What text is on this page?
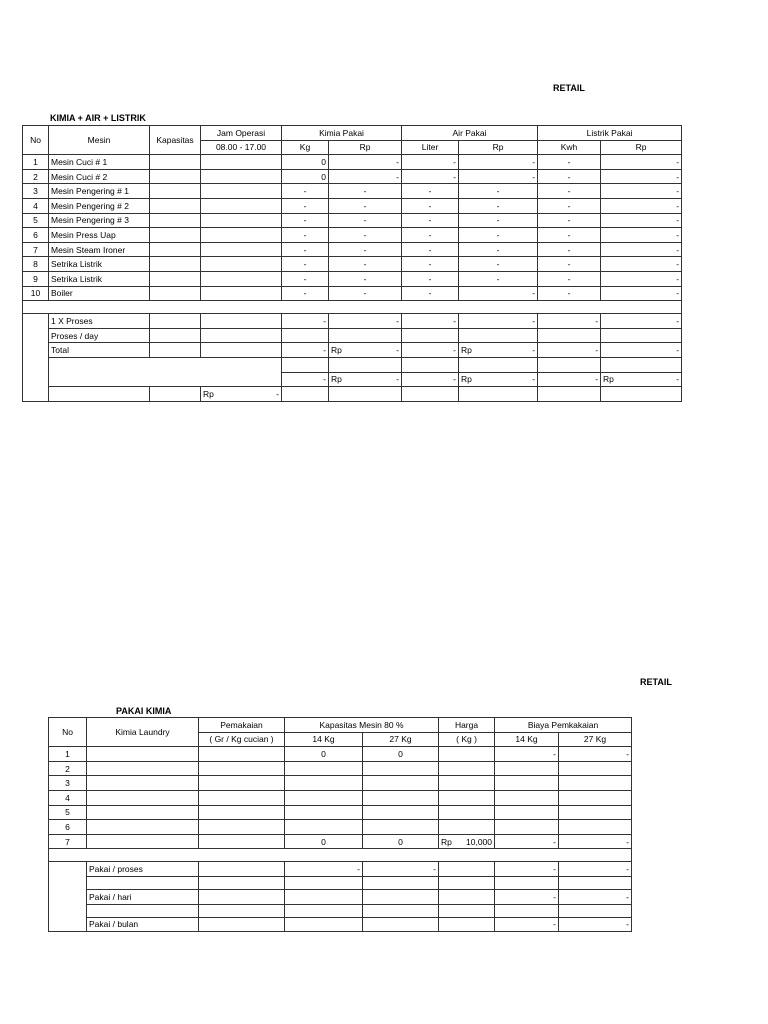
RETAIL
KIMIA + AIR + LISTRIK
No	Mesin	Kapasitas	Jam Operasi	Kimia Pakai		Air Pakai		Listrik Pakai	
			08.00 - 17.00	Kg	Rp	Liter	Rp	Kwh	Rp
1	Mesin Cuci # 1			0	-	-	-	-	-
2	Mesin Cuci # 2			0	-	-	-	-	-
3	Mesin Pengering # 1			-	-	-	-	-	-
4	Mesin Pengering # 2			-	-	-	-	-	-
5	Mesin Pengering # 3			-	-	-	-	-	-
6	Mesin Press Uap			-	-	-	-	-	-
7	Mesin Steam Ironer			-	-	-	-	-	-
8	Setrika Listrik			-	-	-	-	-	-
9	Setrika Listrik			-	-	-	-	-	-
10	Boiler			-	-	-	-	-	-

	1 X Proses			-	-	-	-	-	-
	Proses / day								
	Total			-	Rp -	-	Rp -	-	-

				-	Rp -	-	Rp -	-	Rp -

			Rp -						

RETAIL
PAKAI KIMIA
No	Kimia Laundry	Pemakaian	Kapasitas Mesin 80 %		Harga	Biaya Pemkakaian	
		( Gr / Kg cucian )	14 Kg	27 Kg	( Kg )	14 Kg	27 Kg
1			0	0		-	-
2							
3							
4							
5							
6							
7			0	0	Rp 10,000	-	-

	Pakai / proses		-	-		-	-

	Pakai / hari					-	-

	Pakai / bulan					-	-
